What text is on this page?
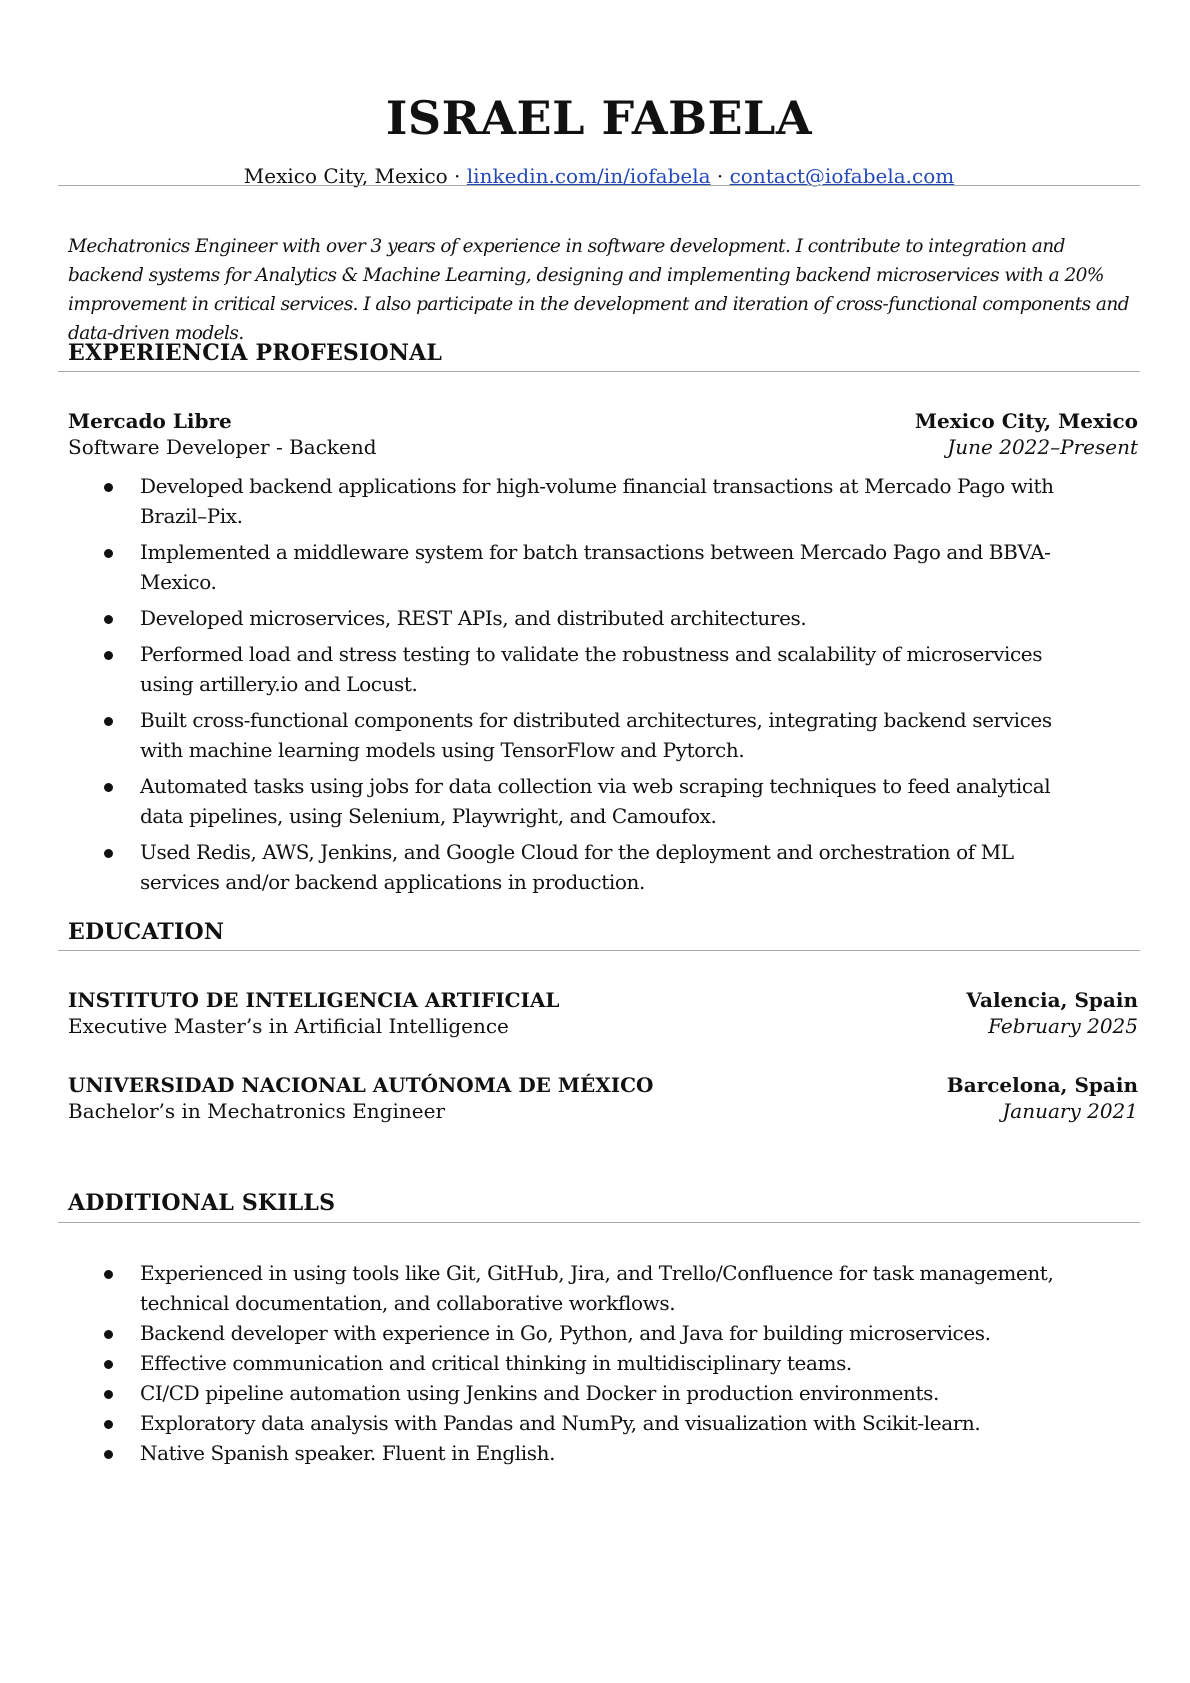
ISRAEL FABELA
Mexico City, Mexico · linkedin.com/in/iofabela · contact@iofabela.com

Mechatronics Engineer with over 3 years of experience in software development. I contribute to integration and backend systems for Analytics & Machine Learning, designing and implementing backend microservices with a 20% improvement in critical services. I also participate in the development and iteration of cross-functional components and data-driven models.

EXPERIENCIA PROFESIONAL
Mercado Libre	Mexico City, Mexico
Software Developer - Backend	June 2022–Present
Developed backend applications for high-volume financial transactions at Mercado Pago with Brazil–Pix.
Implemented a middleware system for batch transactions between Mercado Pago and BBVA-Mexico.
Developed microservices, REST APIs, and distributed architectures.
Performed load and stress testing to validate the robustness and scalability of microservices using artillery.io and Locust.
Built cross-functional components for distributed architectures, integrating backend services with machine learning models using TensorFlow and Pytorch.
Automated tasks using jobs for data collection via web scraping techniques to feed analytical data pipelines, using Selenium, Playwright, and Camoufox.
Used Redis, AWS, Jenkins, and Google Cloud for the deployment and orchestration of ML services and/or backend applications in production.
EDUCATION
INSTITUTO DE INTELIGENCIA ARTIFICIAL	Valencia, Spain
Executive Master’s in Artificial Intelligence	February 2025
UNIVERSIDAD NACIONAL AUTÓNOMA DE MÉXICO	Barcelona, Spain
Bachelor’s in Mechatronics Engineer	January 2021
ADDITIONAL SKILLS
Experienced in using tools like Git, GitHub, Jira, and Trello/Confluence for task management, technical documentation, and collaborative workflows.
Backend developer with experience in Go, Python, and Java for building microservices.
Effective communication and critical thinking in multidisciplinary teams.
CI/CD pipeline automation using Jenkins and Docker in production environments.
Exploratory data analysis with Pandas and NumPy, and visualization with Scikit-learn.
Native Spanish speaker. Fluent in English.
